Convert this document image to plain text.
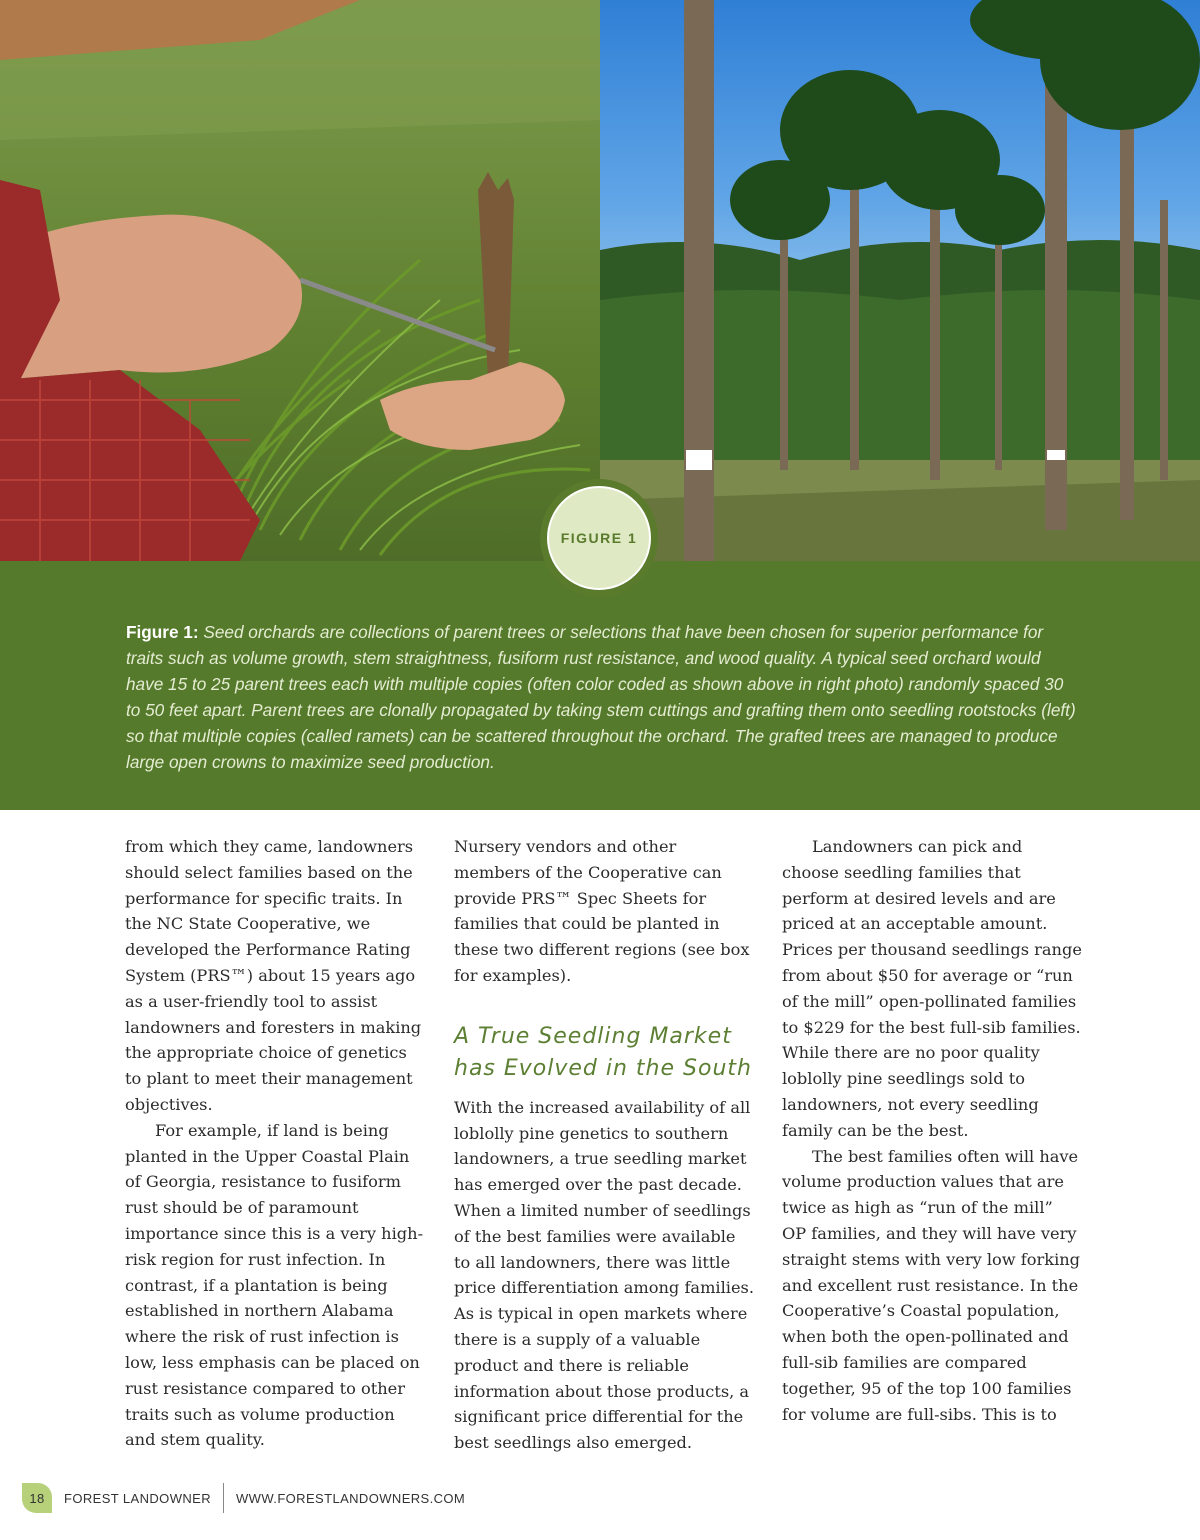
Figure 1: Seed orchards are collections of parent trees or selections that have been chosen for superior performance for traits such as volume growth, stem straightness, fusiform rust resistance, and wood quality. A typical seed orchard would have 15 to 25 parent trees each with multiple copies (often color coded as shown above in right photo) randomly spaced 30 to 50 feet apart. Parent trees are clonally propagated by taking stem cuttings and grafting them onto seedling rootstocks (left) so that multiple copies (called ramets) can be scattered throughout the orchard. The grafted trees are managed to produce large open crowns to maximize seed production.
FIGURE 1

from which they came, landowners should select families based on the performance for specific traits. In the NC State Cooperative, we developed the Performance Rating System (PRS™) about 15 years ago as a user-friendly tool to assist landowners and foresters in making the appropriate choice of genetics to plant to meet their management objectives.

For example, if land is being planted in the Upper Coastal Plain of Georgia, resistance to fusiform rust should be of paramount importance since this is a very high-risk region for rust infection. In contrast, if a plantation is being established in northern Alabama where the risk of rust infection is low, less emphasis can be placed on rust resistance compared to other traits such as volume production and stem quality.

Nursery vendors and other members of the Cooperative can provide PRS™ Spec Sheets for families that could be planted in these two different regions (see box for examples).

A True Seedling Market has Evolved in the South

With the increased availability of all loblolly pine genetics to southern landowners, a true seedling market has emerged over the past decade. When a limited number of seedlings of the best families were available to all landowners, there was little price differentiation among families. As is typical in open markets where there is a supply of a valuable product and there is reliable information about those products, a significant price differential for the best seedlings also emerged.

Landowners can pick and choose seedling families that perform at desired levels and are priced at an acceptable amount. Prices per thousand seedlings range from about $50 for average or “run of the mill” open-pollinated families to $229 for the best full-sib families. While there are no poor quality loblolly pine seedlings sold to landowners, not every seedling family can be the best.

The best families often will have volume production values that are twice as high as “run of the mill” OP families, and they will have very straight stems with very low forking and excellent rust resistance. In the Cooperative’s Coastal population, when both the open-pollinated and full-sib families are compared together, 95 of the top 100 families for volume are full-sibs. This is to

18	FOREST LANDOWNER WWW.FORESTLANDOWNERS.COM
